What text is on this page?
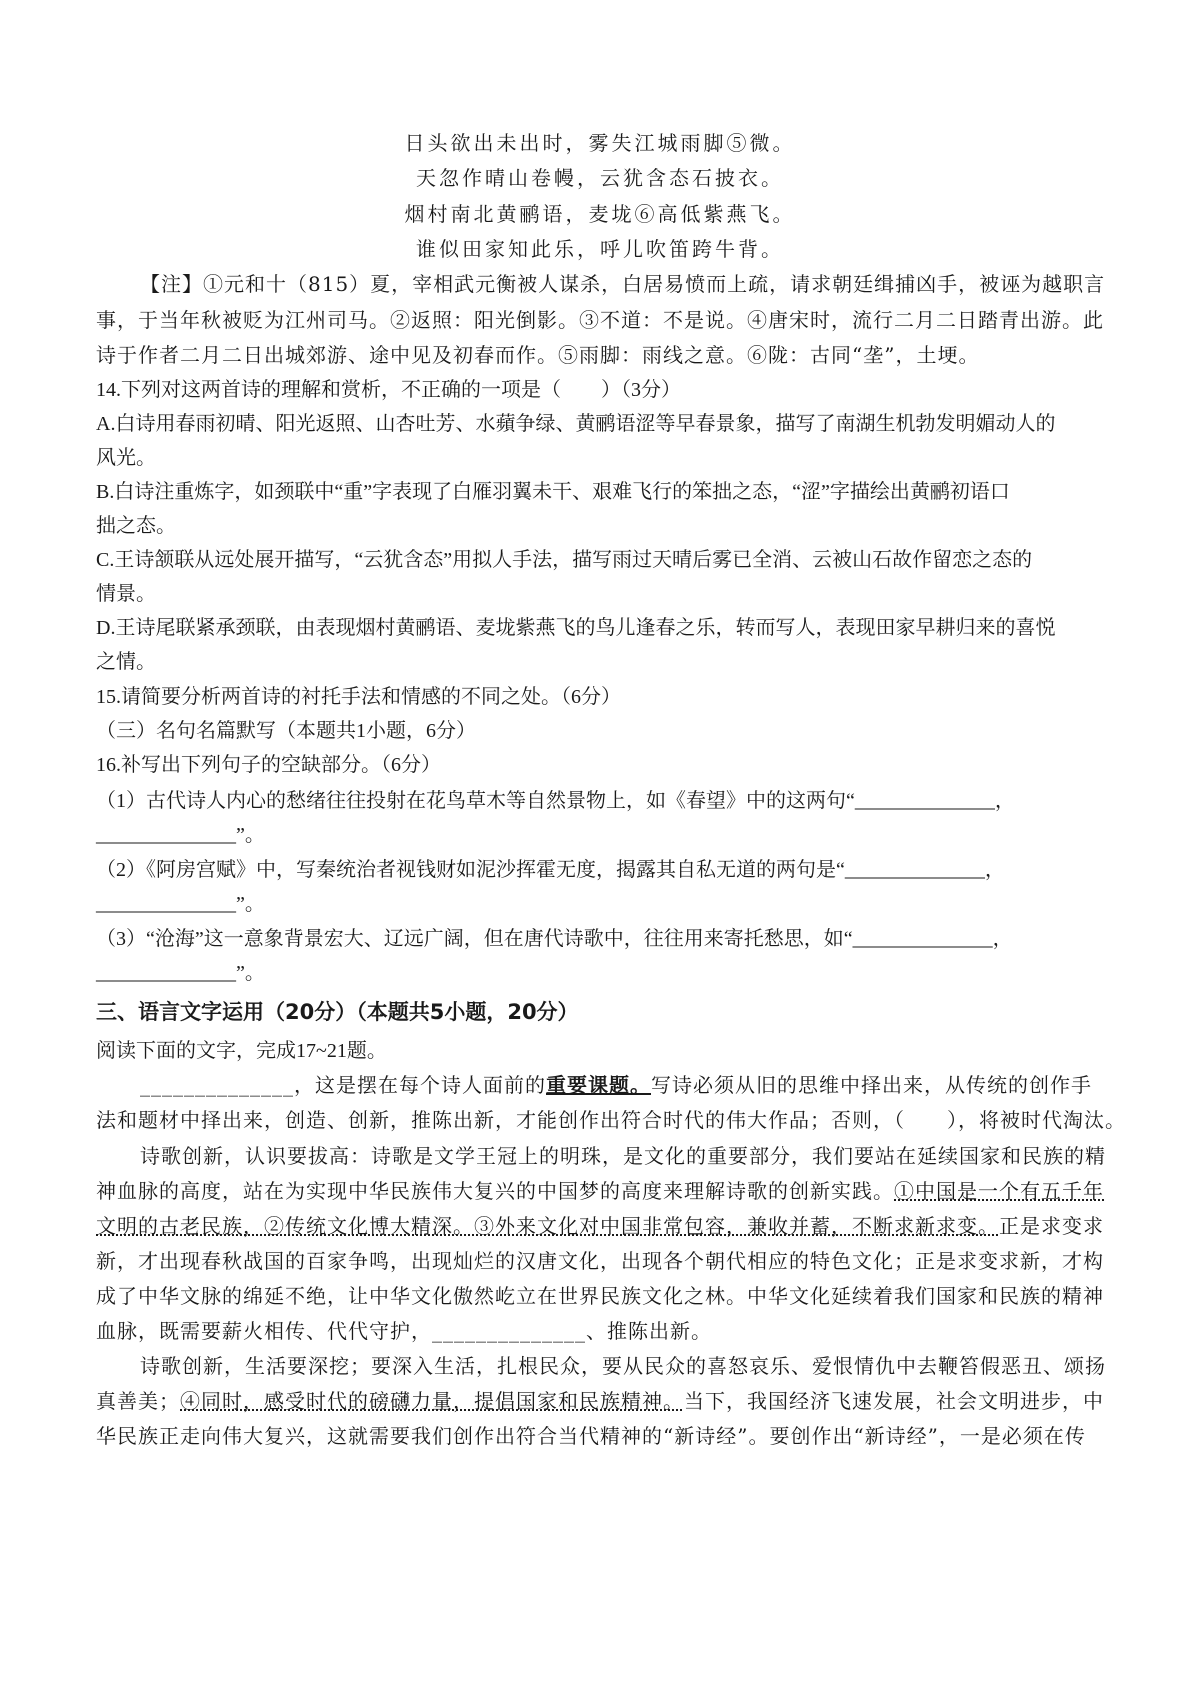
日头欲出未出时，雾失江城雨脚⑤微。
天忽作晴山卷幔，云犹含态石披衣。
烟村南北黄鹂语，麦垅⑥高低紫燕飞。
谁似田家知此乐，呼儿吹笛跨牛背。
【注】①元和十（815）夏，宰相武元衡被人谋杀，白居易愤而上疏，请求朝廷缉捕凶手，被诬为越职言
事，于当年秋被贬为江州司马。②返照：阳光倒影。③不道：不是说。④唐宋时，流行二月二日踏青出游。此
诗于作者二月二日出城郊游、途中见及初春而作。⑤雨脚：雨线之意。⑥陇：古同“垄”，土埂。
14.下列对这两首诗的理解和赏析，不正确的一项是（　　）（3分）
A.白诗用春雨初晴、阳光返照、山杏吐芳、水蘋争绿、黄鹂语涩等早春景象，描写了南湖生机勃发明媚动人的
风光。
B.白诗注重炼字，如颈联中“重”字表现了白雁羽翼未干、艰难飞行的笨拙之态，“涩”字描绘出黄鹂初语口
拙之态。
C.王诗颔联从远处展开描写，“云犹含态”用拟人手法，描写雨过天晴后雾已全消、云被山石故作留恋之态的
情景。
D.王诗尾联紧承颈联，由表现烟村黄鹂语、麦垅紫燕飞的鸟儿逢春之乐，转而写人，表现田家早耕归来的喜悦
之情。
15.请简要分析两首诗的衬托手法和情感的不同之处。（6分）
（三）名句名篇默写（本题共1小题，6分）
16.补写出下列句子的空缺部分。（6分）
（1）古代诗人内心的愁绪往往投射在花鸟草木等自然景物上，如《春望》中的这两句“______________，
______________”。
（2）《阿房宫赋》中，写秦统治者视钱财如泥沙挥霍无度，揭露其自私无道的两句是“______________，
______________”。
（3）“沧海”这一意象背景宏大、辽远广阔，但在唐代诗歌中，往往用来寄托愁思，如“______________，
______________”。
三、语言文字运用（20分）（本题共5小题，20分）
阅读下面的文字，完成17~21题。
______________，这是摆在每个诗人面前的重要课题。写诗必须从旧的思维中择出来，从传统的创作手
法和题材中择出来，创造、创新，推陈出新，才能创作出符合时代的伟大作品；否则，（　　），将被时代淘汰。
诗歌创新，认识要拔高：诗歌是文学王冠上的明珠，是文化的重要部分，我们要站在延续国家和民族的精
神血脉的高度，站在为实现中华民族伟大复兴的中国梦的高度来理解诗歌的创新实践。①中国是一个有五千年
文明的古老民族，②传统文化博大精深。③外来文化对中国非常包容，兼收并蓄，不断求新求变。正是求变求
新，才出现春秋战国的百家争鸣，出现灿烂的汉唐文化，出现各个朝代相应的特色文化；正是求变求新，才构
成了中华文脉的绵延不绝，让中华文化傲然屹立在世界民族文化之林。中华文化延续着我们国家和民族的精神
血脉，既需要薪火相传、代代守护，______________、推陈出新。
诗歌创新，生活要深挖；要深入生活，扎根民众，要从民众的喜怒哀乐、爱恨情仇中去鞭笞假恶丑、颂扬
真善美；④同时，感受时代的磅礴力量，提倡国家和民族精神。当下，我国经济飞速发展，社会文明进步，中
华民族正走向伟大复兴，这就需要我们创作出符合当代精神的“新诗经”。要创作出“新诗经”，一是必须在传
